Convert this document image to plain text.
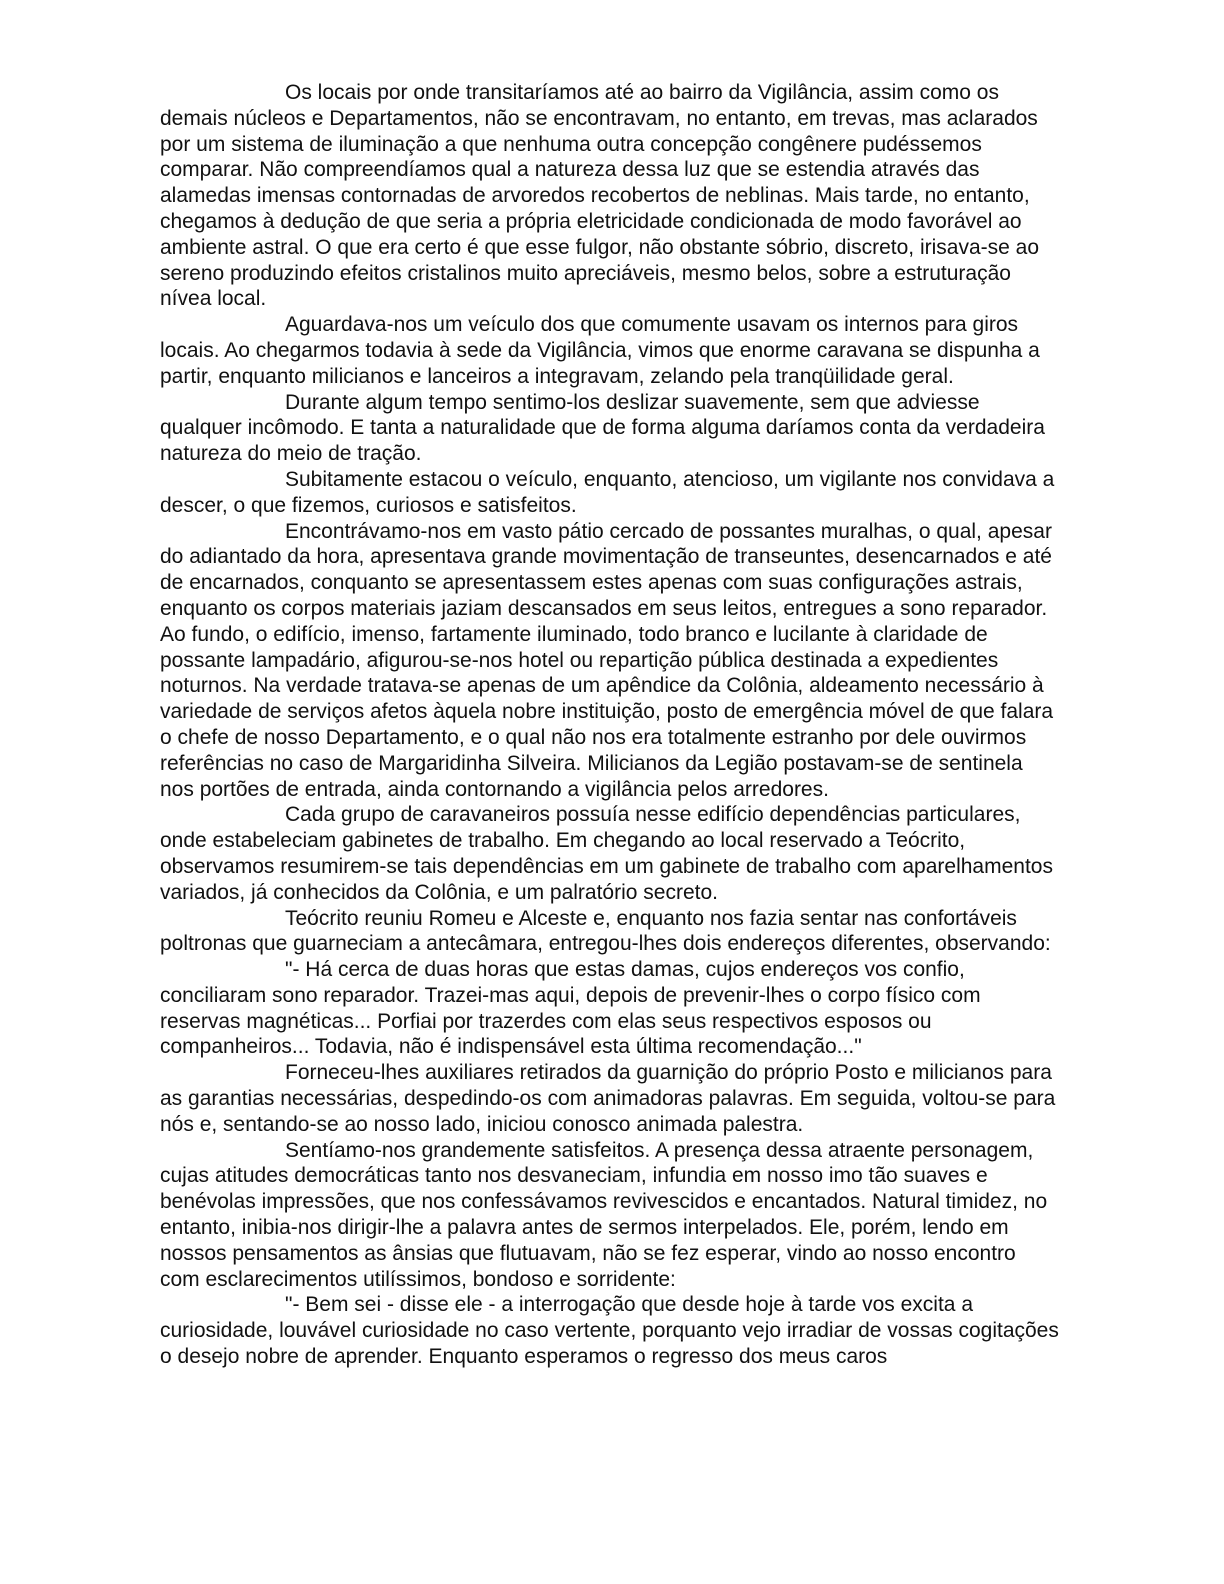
Os locais por onde transitaríamos até ao bairro da Vigilância, assim como os demais núcleos e Departamentos, não se encontravam, no entanto, em trevas, mas aclarados por um sistema de iluminação a que nenhuma outra concepção congênere pudéssemos comparar. Não compreendíamos qual a natureza dessa luz que se estendia através das alamedas imensas contornadas de arvoredos recobertos de neblinas. Mais tarde, no entanto, chegamos à dedução de que seria a própria eletricidade condicionada de modo favorável ao ambiente astral. O que era certo é que esse fulgor, não obstante sóbrio, discreto, irisava-se ao sereno produzindo efeitos cristalinos muito apreciáveis, mesmo belos, sobre a estruturação nívea local.

Aguardava-nos um veículo dos que comumente usavam os internos para giros locais. Ao chegarmos todavia à sede da Vigilância, vimos que enorme caravana se dispunha a partir, enquanto milicianos e lanceiros a integravam, zelando pela tranqüilidade geral.

Durante algum tempo sentimo-los deslizar suavemente, sem que adviesse qualquer incômodo. E tanta a naturalidade que de forma alguma daríamos conta da verdadeira natureza do meio de tração.

Subitamente estacou o veículo, enquanto, atencioso, um vigilante nos convidava a descer, o que fizemos, curiosos e satisfeitos.

Encontrávamo-nos em vasto pátio cercado de possantes muralhas, o qual, apesar do adiantado da hora, apresentava grande movimentação de transeuntes, desencarnados e até de encarnados, conquanto se apresentassem estes apenas com suas configurações astrais, enquanto os corpos materiais jaziam descansados em seus leitos, entregues a sono reparador. Ao fundo, o edifício, imenso, fartamente iluminado, todo branco e lucilante à claridade de possante lampadário, afigurou-se-nos hotel ou repartição pública destinada a expedientes noturnos. Na verdade tratava-se apenas de um apêndice da Colônia, aldeamento necessário à variedade de serviços afetos àquela nobre instituição, posto de emergência móvel de que falara o chefe de nosso Departamento, e o qual não nos era totalmente estranho por dele ouvirmos referências no caso de Margaridinha Silveira. Milicianos da Legião postavam-se de sentinela nos portões de entrada, ainda contornando a vigilância pelos arredores.

Cada grupo de caravaneiros possuía nesse edifício dependências particulares, onde estabeleciam gabinetes de trabalho. Em chegando ao local reservado a Teócrito, observamos resumirem-se tais dependências em um gabinete de trabalho com aparelhamentos variados, já conhecidos da Colônia, e um palratório secreto.

Teócrito reuniu Romeu e Alceste e, enquanto nos fazia sentar nas confortáveis poltronas que guarneciam a antecâmara, entregou-lhes dois endereços diferentes, observando:

"- Há cerca de duas horas que estas damas, cujos endereços vos confio, conciliaram sono reparador. Trazei-mas aqui, depois de prevenir-lhes o corpo físico com reservas magnéticas... Porfiai por trazerdes com elas seus respectivos esposos ou companheiros... Todavia, não é indispensável esta última recomendação..."

Forneceu-lhes auxiliares retirados da guarnição do próprio Posto e milicianos para as garantias necessárias, despedindo-os com animadoras palavras. Em seguida, voltou-se para nós e, sentando-se ao nosso lado, iniciou conosco animada palestra.

Sentíamo-nos grandemente satisfeitos. A presença dessa atraente personagem, cujas atitudes democráticas tanto nos desvaneciam, infundia em nosso imo tão suaves e benévolas impressões, que nos confessávamos revivescidos e encantados. Natural timidez, no entanto, inibia-nos dirigir-lhe a palavra antes de sermos interpelados. Ele, porém, lendo em nossos pensamentos as ânsias que flutuavam, não se fez esperar, vindo ao nosso encontro com esclarecimentos utilíssimos, bondoso e sorridente:

"- Bem sei - disse ele - a interrogação que desde hoje à tarde vos excita a curiosidade, louvável curiosidade no caso vertente, porquanto vejo irradiar de vossas cogitações o desejo nobre de aprender. Enquanto esperamos o regresso dos meus caros
